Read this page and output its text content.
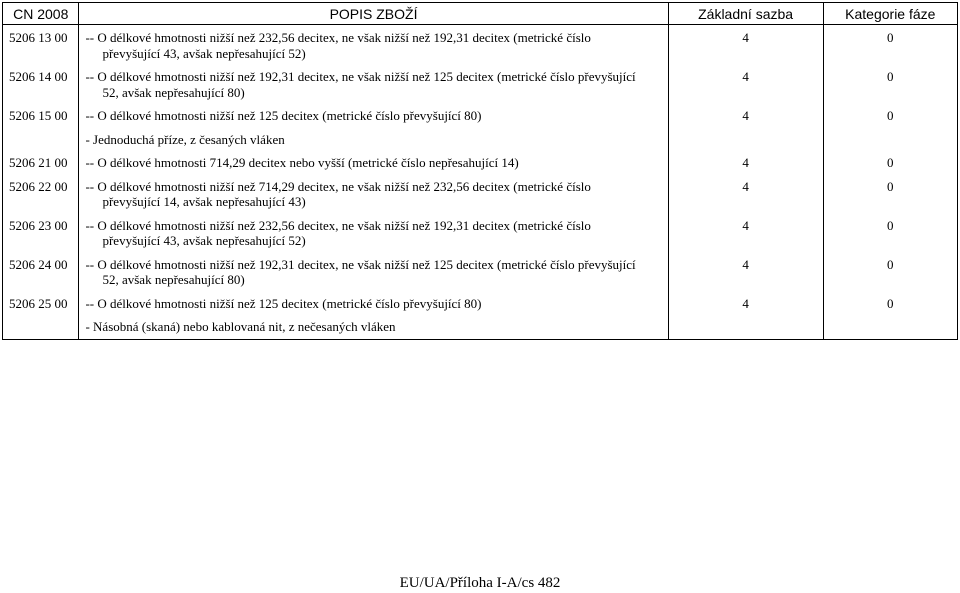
CN 2008	POPIS ZBOŽÍ	Základní sazba	Kategorie fáze
5206 13 00	-- O délkové hmotnosti nižší než 232,56 decitex, ne však nižší než 192,31 decitex (metrické číslo
převyšující 43, avšak nepřesahující 52)	4	0
5206 14 00	-- O délkové hmotnosti nižší než 192,31 decitex, ne však nižší než 125 decitex (metrické číslo převyšující
52, avšak nepřesahující 80)	4	0
5206 15 00	-- O délkové hmotnosti nižší než 125 decitex (metrické číslo převyšující 80)	4	0
	- Jednoduchá příze, z česaných vláken		
5206 21 00	-- O délkové hmotnosti 714,29 decitex nebo vyšší (metrické číslo nepřesahující 14)	4	0
5206 22 00	-- O délkové hmotnosti nižší než 714,29 decitex, ne však nižší než 232,56 decitex (metrické číslo
převyšující 14, avšak nepřesahující 43)	4	0
5206 23 00	-- O délkové hmotnosti nižší než 232,56 decitex, ne však nižší než 192,31 decitex (metrické číslo
převyšující 43, avšak nepřesahující 52)	4	0
5206 24 00	-- O délkové hmotnosti nižší než 192,31 decitex, ne však nižší než 125 decitex (metrické číslo převyšující
52, avšak nepřesahující 80)	4	0
5206 25 00	-- O délkové hmotnosti nižší než 125 decitex (metrické číslo převyšující 80)	4	0
	- Násobná (skaná) nebo kablovaná nit, z nečesaných vláken		
EU/UA/Příloha I-A/cs 482
